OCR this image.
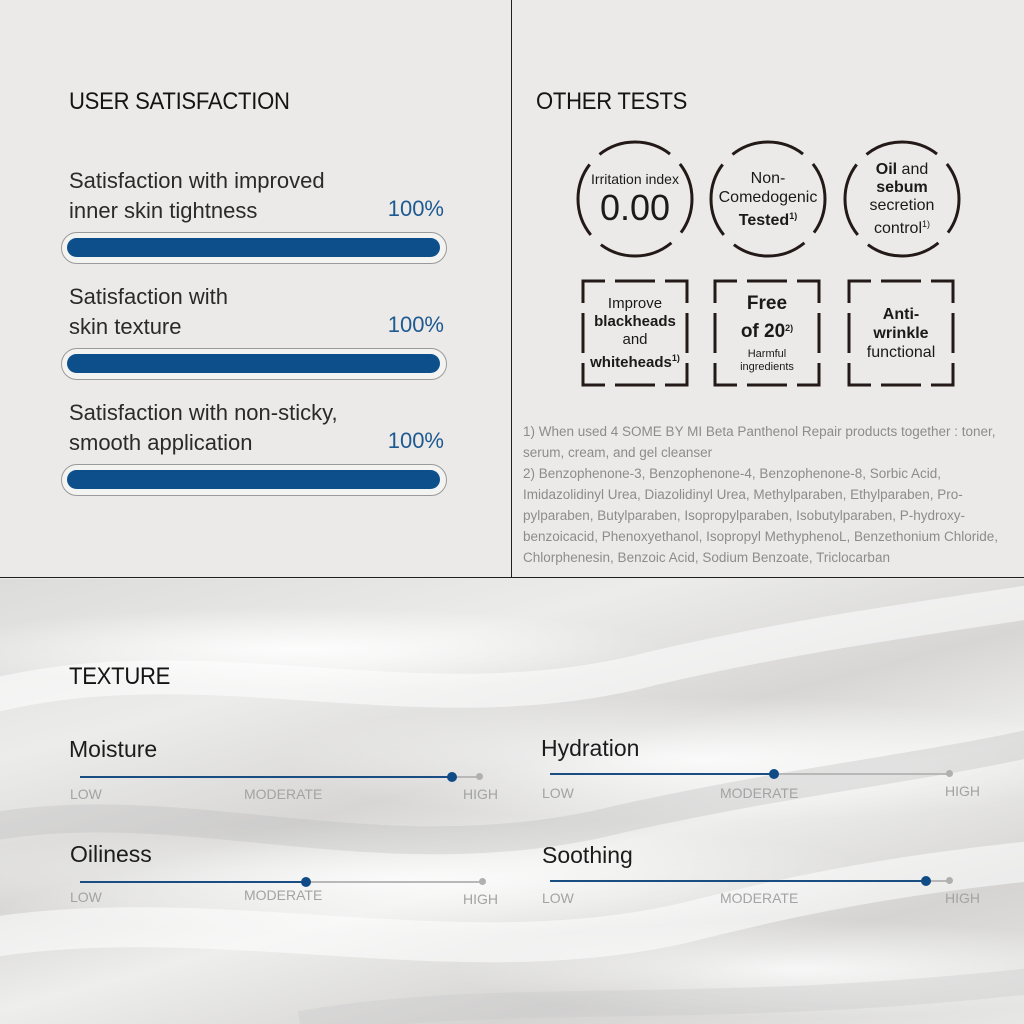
USER SATISFACTION
Satisfaction with improved
inner skin tightness	100%
Satisfaction with
skin texture	100%
Satisfaction with non-sticky,
smooth application	100%
OTHER TESTS
Irritation index
0.00
Non-
Comedogenic
Tested$^{1)}$
Oil and
sebum
secretion
control$^{1)}$
Improve
blackheads
and
whiteheads$^{1)}$
Free
of 20$^{2)}$
Harmful
ingredients
Anti-
wrinkle
functional
1) When used 4 SOME BY MI Beta Panthenol Repair products together : toner, serum, cream, and gel cleanser
2) Benzophenone-3, Benzophenone-4, Benzophenone-8, Sorbic Acid, Imidazolidinyl Urea, Diazolidinyl Urea, Methylparaben, Ethylparaben, Pro-pylparaben, Butylparaben, Isopropylparaben, Isobutylparaben, P-hydroxy-benzoicacid, Phenoxyethanol, Isopropyl MethyphenoL, Benzethonium Chloride, Chlorphenesin, Benzoic Acid, Sodium Benzoate, Triclocarban
TEXTURE
Moisture
LOW	MODERATE	HIGH
Hydration
LOW	MODERATE	HIGH
Oiliness
LOW	MODERATE	HIGH
Soothing
LOW	MODERATE	HIGH
